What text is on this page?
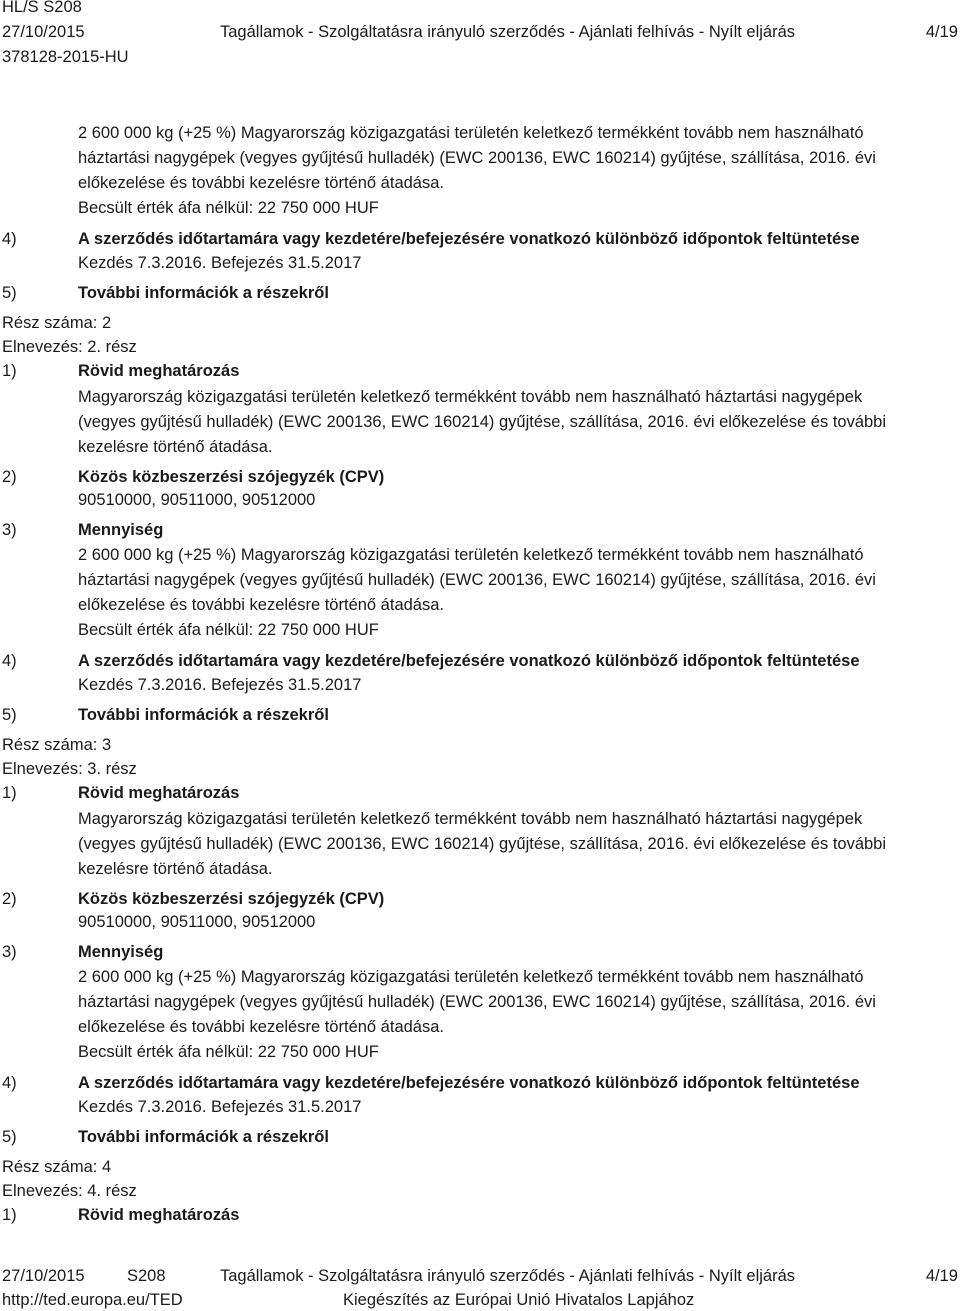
HL/S S208
27/10/2015	Tagállamok - Szolgáltatásra irányuló szerződés - Ajánlati felhívás - Nyílt eljárás	4/19
378128-2015-HU
2 600 000 kg (+25 %) Magyarország közigazgatási területén keletkező termékként tovább nem használható
háztartási nagygépek (vegyes gyűjtésű hulladék) (EWC 200136, EWC 160214) gyűjtése, szállítása, 2016. évi
előkezelése és további kezelésre történő átadása.
Becsült érték áfa nélkül: 22 750 000 HUF
4)	A szerződés időtartamára vagy kezdetére/befejezésére vonatkozó különböző időpontok feltüntetése
Kezdés 7.3.2016. Befejezés 31.5.2017
5)	További információk a részekről
Rész száma: 2
Elnevezés: 2. rész
1)	Rövid meghatározás
Magyarország közigazgatási területén keletkező termékként tovább nem használható háztartási nagygépek
(vegyes gyűjtésű hulladék) (EWC 200136, EWC 160214) gyűjtése, szállítása, 2016. évi előkezelése és további
kezelésre történő átadása.
2)	Közös közbeszerzési szójegyzék (CPV)
90510000, 90511000, 90512000
3)	Mennyiség
2 600 000 kg (+25 %) Magyarország közigazgatási területén keletkező termékként tovább nem használható
háztartási nagygépek (vegyes gyűjtésű hulladék) (EWC 200136, EWC 160214) gyűjtése, szállítása, 2016. évi
előkezelése és további kezelésre történő átadása.
Becsült érték áfa nélkül: 22 750 000 HUF
4)	A szerződés időtartamára vagy kezdetére/befejezésére vonatkozó különböző időpontok feltüntetése
Kezdés 7.3.2016. Befejezés 31.5.2017
5)	További információk a részekről
Rész száma: 3
Elnevezés: 3. rész
1)	Rövid meghatározás
Magyarország közigazgatási területén keletkező termékként tovább nem használható háztartási nagygépek
(vegyes gyűjtésű hulladék) (EWC 200136, EWC 160214) gyűjtése, szállítása, 2016. évi előkezelése és további
kezelésre történő átadása.
2)	Közös közbeszerzési szójegyzék (CPV)
90510000, 90511000, 90512000
3)	Mennyiség
2 600 000 kg (+25 %) Magyarország közigazgatási területén keletkező termékként tovább nem használható
háztartási nagygépek (vegyes gyűjtésű hulladék) (EWC 200136, EWC 160214) gyűjtése, szállítása, 2016. évi
előkezelése és további kezelésre történő átadása.
Becsült érték áfa nélkül: 22 750 000 HUF
4)	A szerződés időtartamára vagy kezdetére/befejezésére vonatkozó különböző időpontok feltüntetése
Kezdés 7.3.2016. Befejezés 31.5.2017
5)	További információk a részekről
Rész száma: 4
Elnevezés: 4. rész
1)	Rövid meghatározás
27/10/2015	S208	Tagállamok - Szolgáltatásra irányuló szerződés - Ajánlati felhívás - Nyílt eljárás	4/19
http://ted.europa.eu/TED	Kiegészítés az Európai Unió Hivatalos Lapjához
